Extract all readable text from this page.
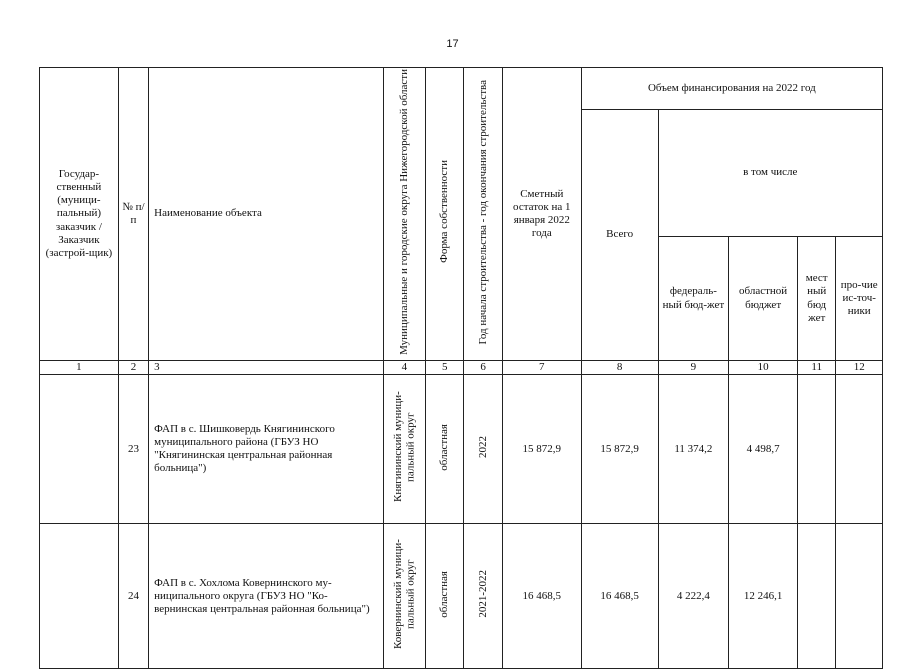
17
Государ-ственный (муници-пальный) заказчик / Заказчик (застрой-щик)	№ п/п	Наименование объекта	Муниципальные и городские округа Нижегородской области	Форма собственности	Год начала строительства - год окончания строительства	Сметный остаток на 1 января 2022 года	Объем финансирования на 2022 год				
							Всего	в том числе			
								федераль-ный бюд-жет	областной бюджет	мест ный бюд жет	про-чие ис-точ-ники
1	2	3	4	5	6	7	8	9	10	11	12
	23	ФАП в с. Шишковердь Княгининского муниципального района (ГБУЗ НО "Княгининская центральная районная больница")	Княгининский муници-пальный округ	областная	2022	15 872,9	15 872,9	11 374,2	4 498,7		
	24	ФАП в с. Хохлома Ковернинского му-ниципального округа (ГБУЗ НО "Ко-вернинская центральная районная больница")	Ковернинский муници-пальный округ	областная	2021-2022	16 468,5	16 468,5	4 222,4	12 246,1		
